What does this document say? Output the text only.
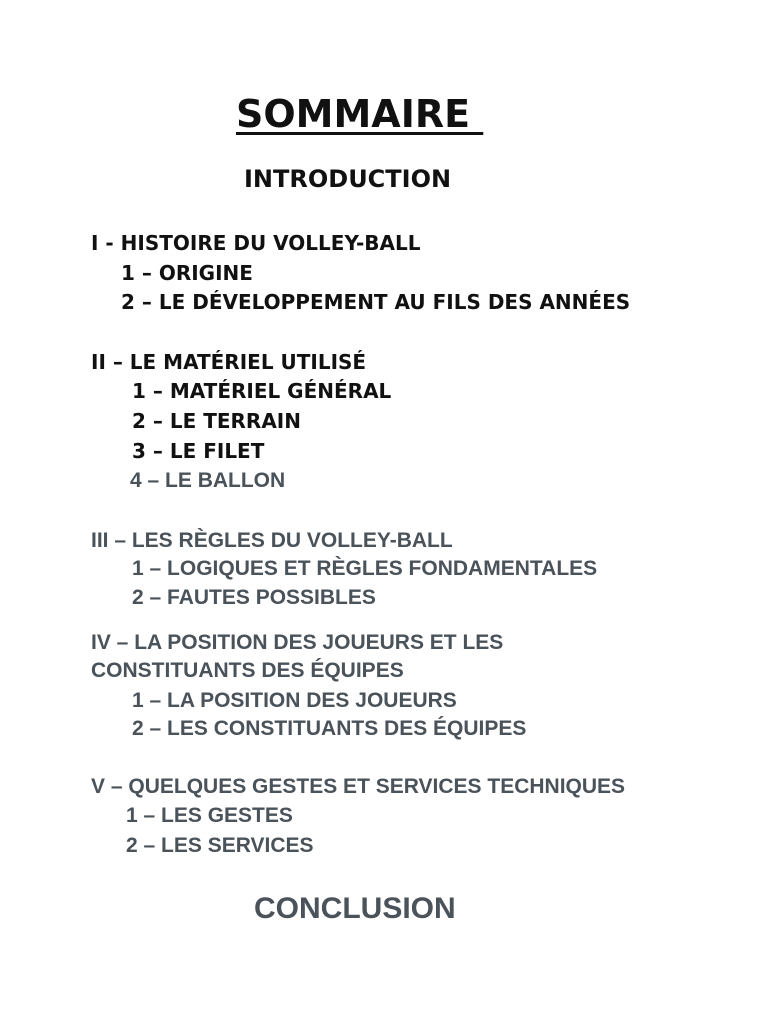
SOMMAIRE
INTRODUCTION
I - HISTOIRE DU VOLLEY-BALL
1 – ORIGINE
2 – LE DÉVELOPPEMENT AU FILS DES ANNÉES
II – LE MATÉRIEL UTILISÉ
1 – MATÉRIEL GÉNÉRAL
2 – LE TERRAIN
3 – LE FILET
4 – LE BALLON
III – LES RÈGLES DU VOLLEY-BALL
1 – LOGIQUES ET RÈGLES FONDAMENTALES
2 – FAUTES POSSIBLES
IV – LA POSITION DES JOUEURS ET LES
CONSTITUANTS DES ÉQUIPES
1 – LA POSITION DES JOUEURS
2 – LES CONSTITUANTS DES ÉQUIPES
V – QUELQUES GESTES ET SERVICES TECHNIQUES
1 – LES GESTES
2 – LES SERVICES
CONCLUSION
